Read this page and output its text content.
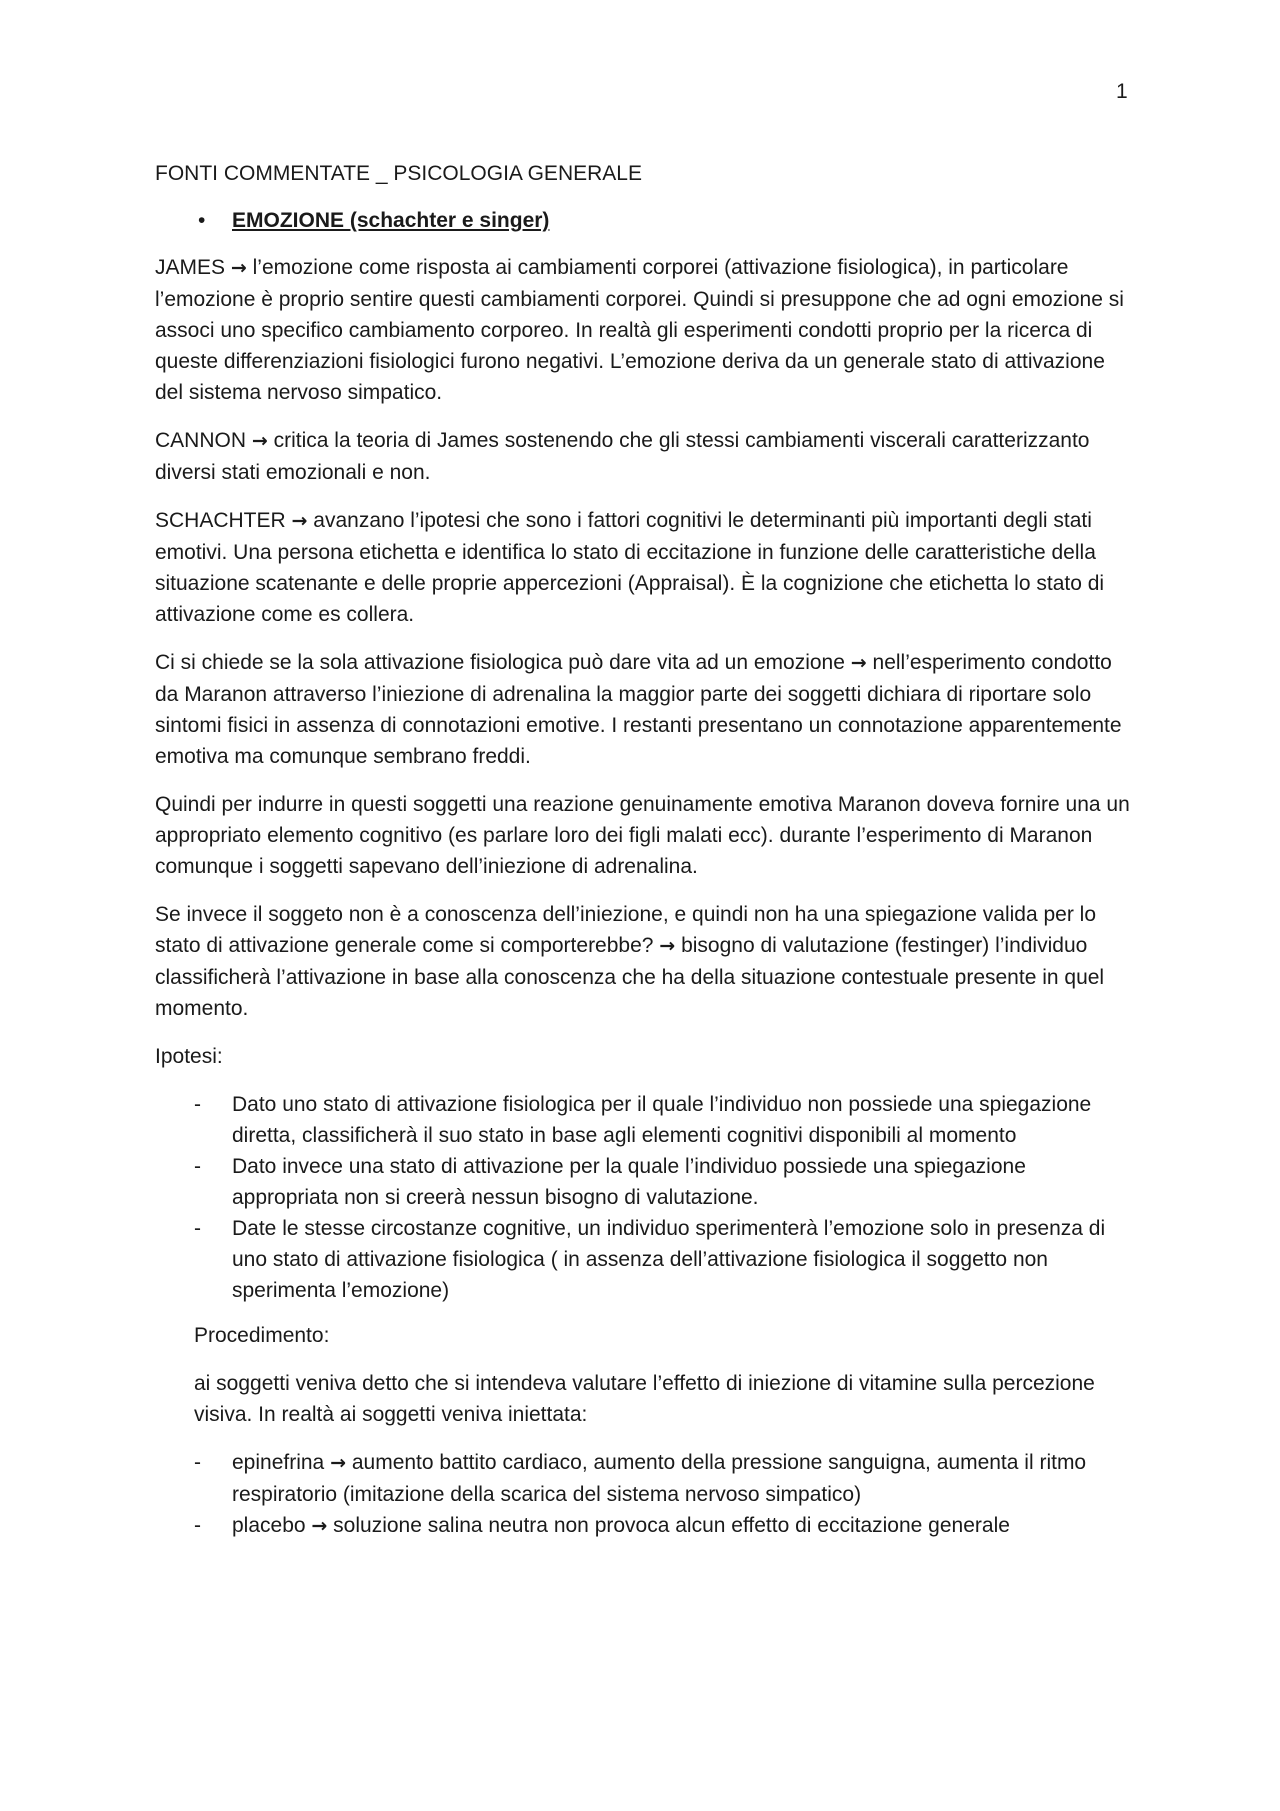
1
FONTI COMMENTATE _ PSICOLOGIA GENERALE
• EMOZIONE (schachter e singer)

JAMES → l’emozione come risposta ai cambiamenti corporei (attivazione fisiologica), in particolare l’emozione è proprio sentire questi cambiamenti corporei. Quindi si presuppone che ad ogni emozione si associ uno specifico cambiamento corporeo. In realtà gli esperimenti condotti proprio per la ricerca di queste differenziazioni fisiologici furono negativi. L’emozione deriva da un generale stato di attivazione del sistema nervoso simpatico.

CANNON → critica la teoria di James sostenendo che gli stessi cambiamenti viscerali caratterizzanto diversi stati emozionali e non.

SCHACHTER → avanzano l’ipotesi che sono i fattori cognitivi le determinanti più importanti degli stati emotivi. Una persona etichetta e identifica lo stato di eccitazione in funzione delle caratteristiche della situazione scatenante e delle proprie appercezioni (Appraisal). È la cognizione che etichetta lo stato di attivazione come es collera.

Ci si chiede se la sola attivazione fisiologica può dare vita ad un emozione → nell’esperimento condotto da Maranon attraverso l’iniezione di adrenalina la maggior parte dei soggetti dichiara di riportare solo sintomi fisici in assenza di connotazioni emotive. I restanti presentano un connotazione apparentemente emotiva ma comunque sembrano freddi.

Quindi per indurre in questi soggetti una reazione genuinamente emotiva Maranon doveva fornire una un appropriato elemento cognitivo (es parlare loro dei figli malati ecc). durante l’esperimento di Maranon comunque i soggetti sapevano dell’iniezione di adrenalina.

Se invece il soggeto non è a conoscenza dell’iniezione, e quindi non ha una spiegazione valida per lo stato di attivazione generale come si comporterebbe? → bisogno di valutazione (festinger) l’individuo classificherà l’attivazione in base alla conoscenza che ha della situazione contestuale presente in quel momento.

Ipotesi:

- Dato uno stato di attivazione fisiologica per il quale l’individuo non possiede una spiegazione diretta, classificherà il suo stato in base agli elementi cognitivi disponibili al momento
- Dato invece una stato di attivazione per la quale l’individuo possiede una spiegazione appropriata non si creerà nessun bisogno di valutazione.
- Date le stesse circostanze cognitive, un individuo sperimenterà l’emozione solo in presenza di uno stato di attivazione fisiologica ( in assenza dell’attivazione fisiologica il soggetto non sperimenta l’emozione)

Procedimento:

ai soggetti veniva detto che si intendeva valutare l’effetto di iniezione di vitamine sulla percezione visiva. In realtà ai soggetti veniva iniettata:

- epinefrina → aumento battito cardiaco, aumento della pressione sanguigna, aumenta il ritmo respiratorio (imitazione della scarica del sistema nervoso simpatico)
- placebo → soluzione salina neutra non provoca alcun effetto di eccitazione generale
